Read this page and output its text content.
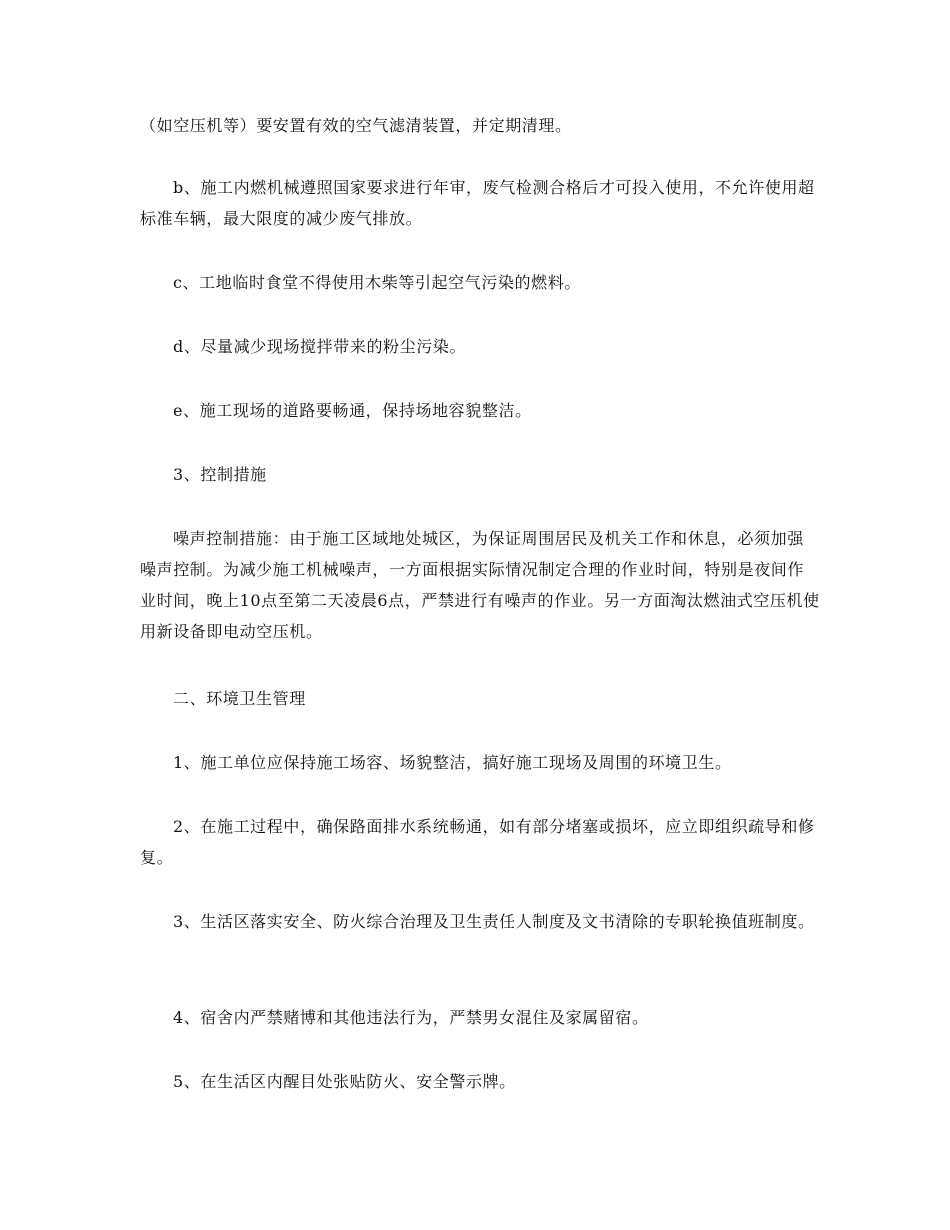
（如空压机等）要安置有效的空气滤清装置，并定期清理。

b、施工内燃机械遵照国家要求进行年审，废气检测合格后才可投入使用，不允许使用超标准车辆，最大限度的减少废气排放。

c、工地临时食堂不得使用木柴等引起空气污染的燃料。

d、尽量减少现场搅拌带来的粉尘污染。

e、施工现场的道路要畅通，保持场地容貌整洁。

3、控制措施

噪声控制措施：由于施工区域地处城区，为保证周围居民及机关工作和休息，必须加强噪声控制。为减少施工机械噪声，一方面根据实际情况制定合理的作业时间，特别是夜间作业时间，晚上10点至第二天凌晨6点，严禁进行有噪声的作业。另一方面淘汰燃油式空压机使用新设备即电动空压机。

二、环境卫生管理

1、施工单位应保持施工场容、场貌整洁，搞好施工现场及周围的环境卫生。

2、在施工过程中，确保路面排水系统畅通，如有部分堵塞或损坏，应立即组织疏导和修复。

3、生活区落实安全、防火综合治理及卫生责任人制度及文书清除的专职轮换值班制度。

4、宿舍内严禁赌博和其他违法行为，严禁男女混住及家属留宿。

5、在生活区内醒目处张贴防火、安全警示牌。
